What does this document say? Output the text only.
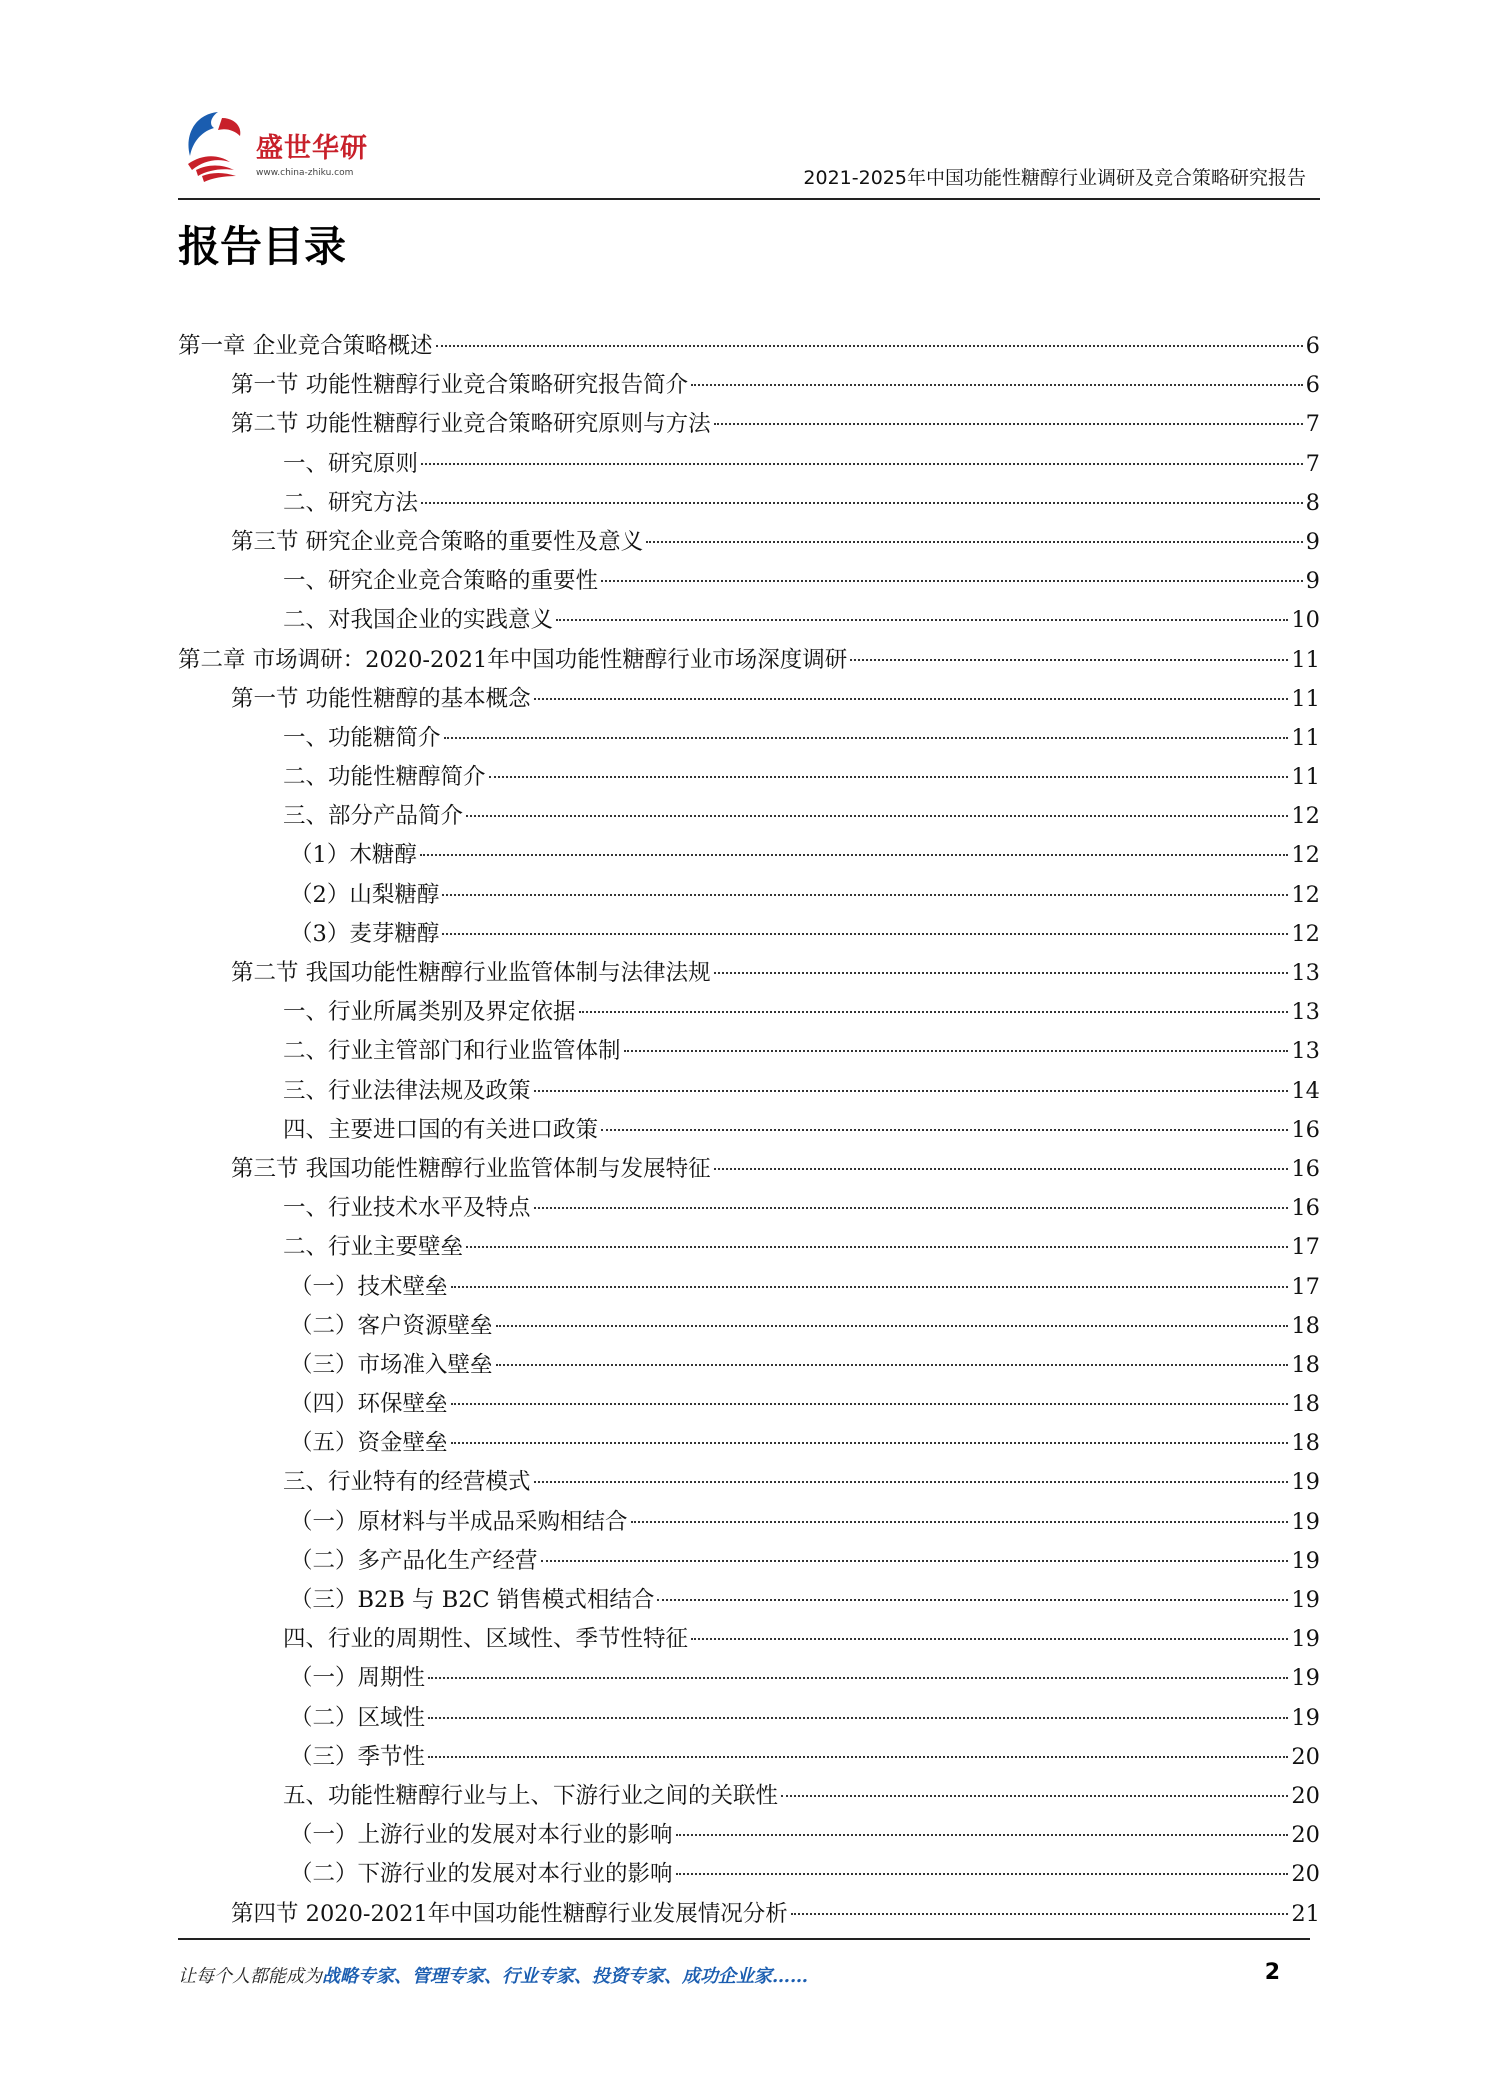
盛世华研
www.china-zhiku.com	2021-2025年中国功能性糖醇行业调研及竞合策略研究报告
报告目录
第一章 企业竞合策略概述	6
第一节 功能性糖醇行业竞合策略研究报告简介	6
第二节 功能性糖醇行业竞合策略研究原则与方法	7
一、研究原则	7
二、研究方法	8
第三节 研究企业竞合策略的重要性及意义	9
一、研究企业竞合策略的重要性	9
二、对我国企业的实践意义	10
第二章 市场调研：2020-2021年中国功能性糖醇行业市场深度调研	11
第一节 功能性糖醇的基本概念	11
一、功能糖简介	11
二、功能性糖醇简介	11
三、部分产品简介	12
（1）木糖醇	12
（2）山梨糖醇	12
（3）麦芽糖醇	12
第二节 我国功能性糖醇行业监管体制与法律法规	13
一、行业所属类别及界定依据	13
二、行业主管部门和行业监管体制	13
三、行业法律法规及政策	14
四、主要进口国的有关进口政策	16
第三节 我国功能性糖醇行业监管体制与发展特征	16
一、行业技术水平及特点	16
二、行业主要壁垒	17
（一）技术壁垒	17
（二）客户资源壁垒	18
（三）市场准入壁垒	18
（四）环保壁垒	18
（五）资金壁垒	18
三、行业特有的经营模式	19
（一）原材料与半成品采购相结合	19
（二）多产品化生产经营	19
（三）B2B 与 B2C 销售模式相结合	19
四、行业的周期性、区域性、季节性特征	19
（一）周期性	19
（二）区域性	19
（三）季节性	20
五、功能性糖醇行业与上、下游行业之间的关联性	20
（一）上游行业的发展对本行业的影响	20
（二）下游行业的发展对本行业的影响	20
第四节 2020-2021年中国功能性糖醇行业发展情况分析	21
让每个人都能成为战略专家、管理专家、行业专家、投资专家、成功企业家……	2
